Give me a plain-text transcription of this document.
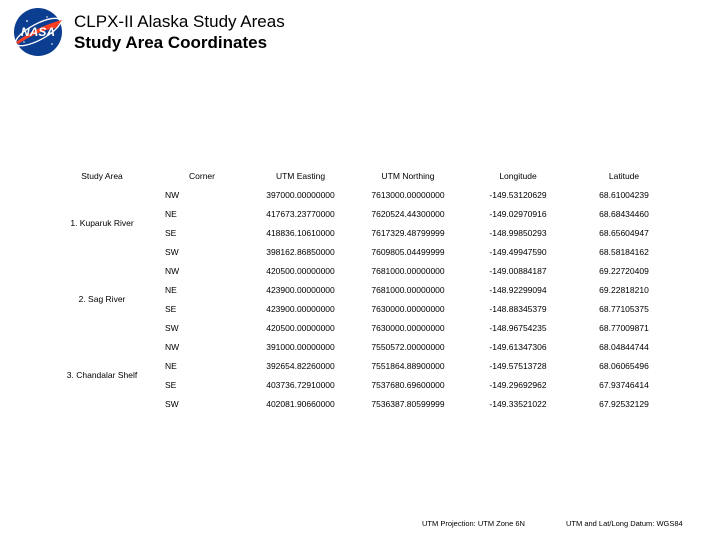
NASA
CLPX-II Alaska Study Areas
Study Area Coordinates
Study Area	Corner	UTM Easting	UTM Northing	Longitude	Latitude
1. Kuparuk River	NW	397000.00000000	7613000.00000000	-149.53120629	68.61004239
	NE	417673.23770000	7620524.44300000	-149.02970916	68.68434460
	SE	418836.10610000	7617329.48799999	-148.99850293	68.65604947
	SW	398162.86850000	7609805.04499999	-149.49947590	68.58184162
2. Sag River	NW	420500.00000000	7681000.00000000	-149.00884187	69.22720409
	NE	423900.00000000	7681000.00000000	-148.92299094	69.22818210
	SE	423900.00000000	7630000.00000000	-148.88345379	68.77105375
	SW	420500.00000000	7630000.00000000	-148.96754235	68.77009871
3. Chandalar Shelf	NW	391000.00000000	7550572.00000000	-149.61347306	68.04844744
	NE	392654.82260000	7551864.88900000	-149.57513728	68.06065496
	SE	403736.72910000	7537680.69600000	-149.29692962	67.93746414
	SW	402081.90660000	7536387.80599999	-149.33521022	67.92532129
UTM Projection: UTM Zone 6N	UTM and Lat/Long Datum: WGS84
